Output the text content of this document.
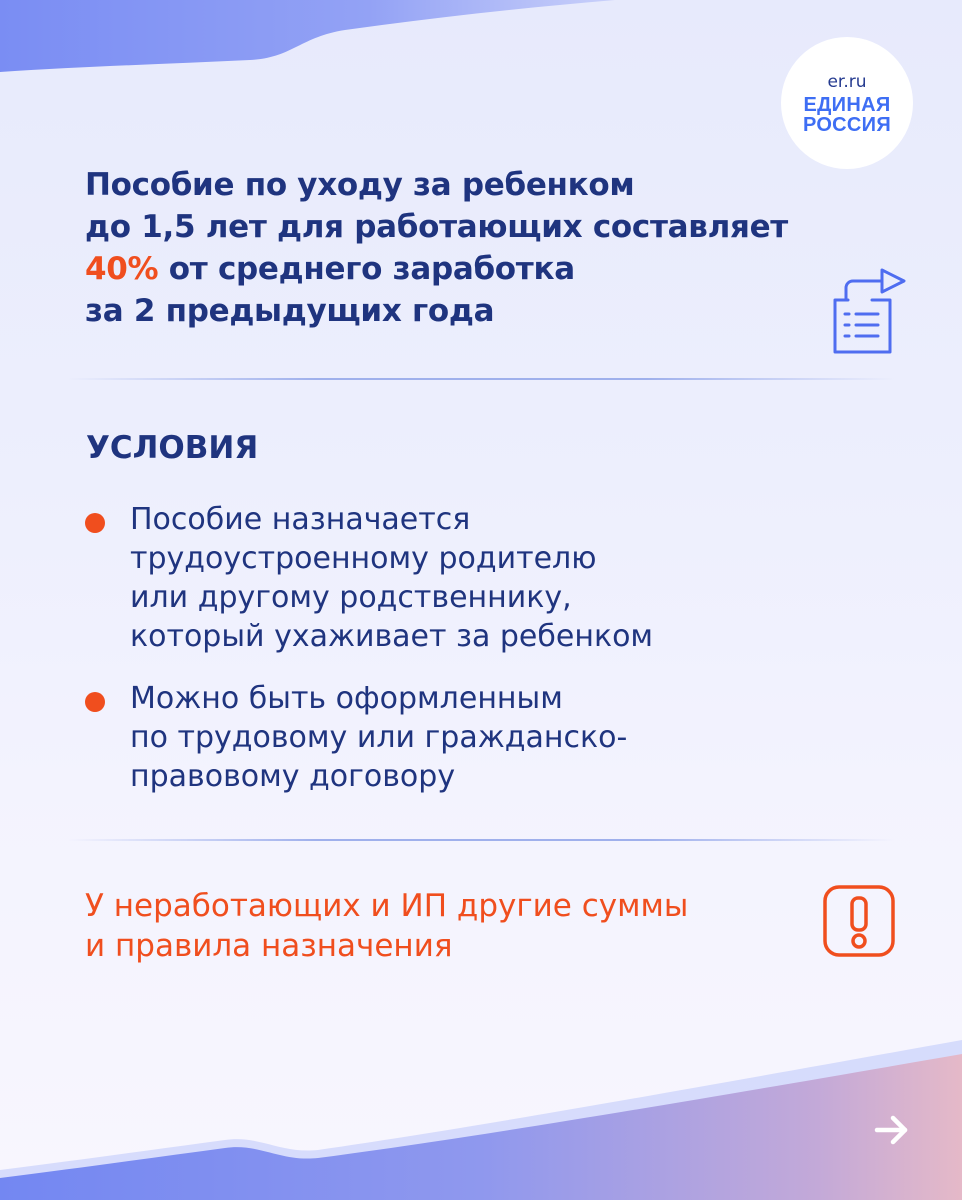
er.ru
ЕДИНАЯ
РОССИЯ
Пособие по уходу за ребенком
до 1,5 лет для работающих составляет
40% от среднего заработка
за 2 предыдущих года
УСЛОВИЯ
Пособие назначается
трудоустроенному родителю
или другому родственнику,
который ухаживает за ребенком
Можно быть оформленным
по трудовому или гражданско-
правовому договору

У неработающих и ИП другие суммы
и правила назначения
